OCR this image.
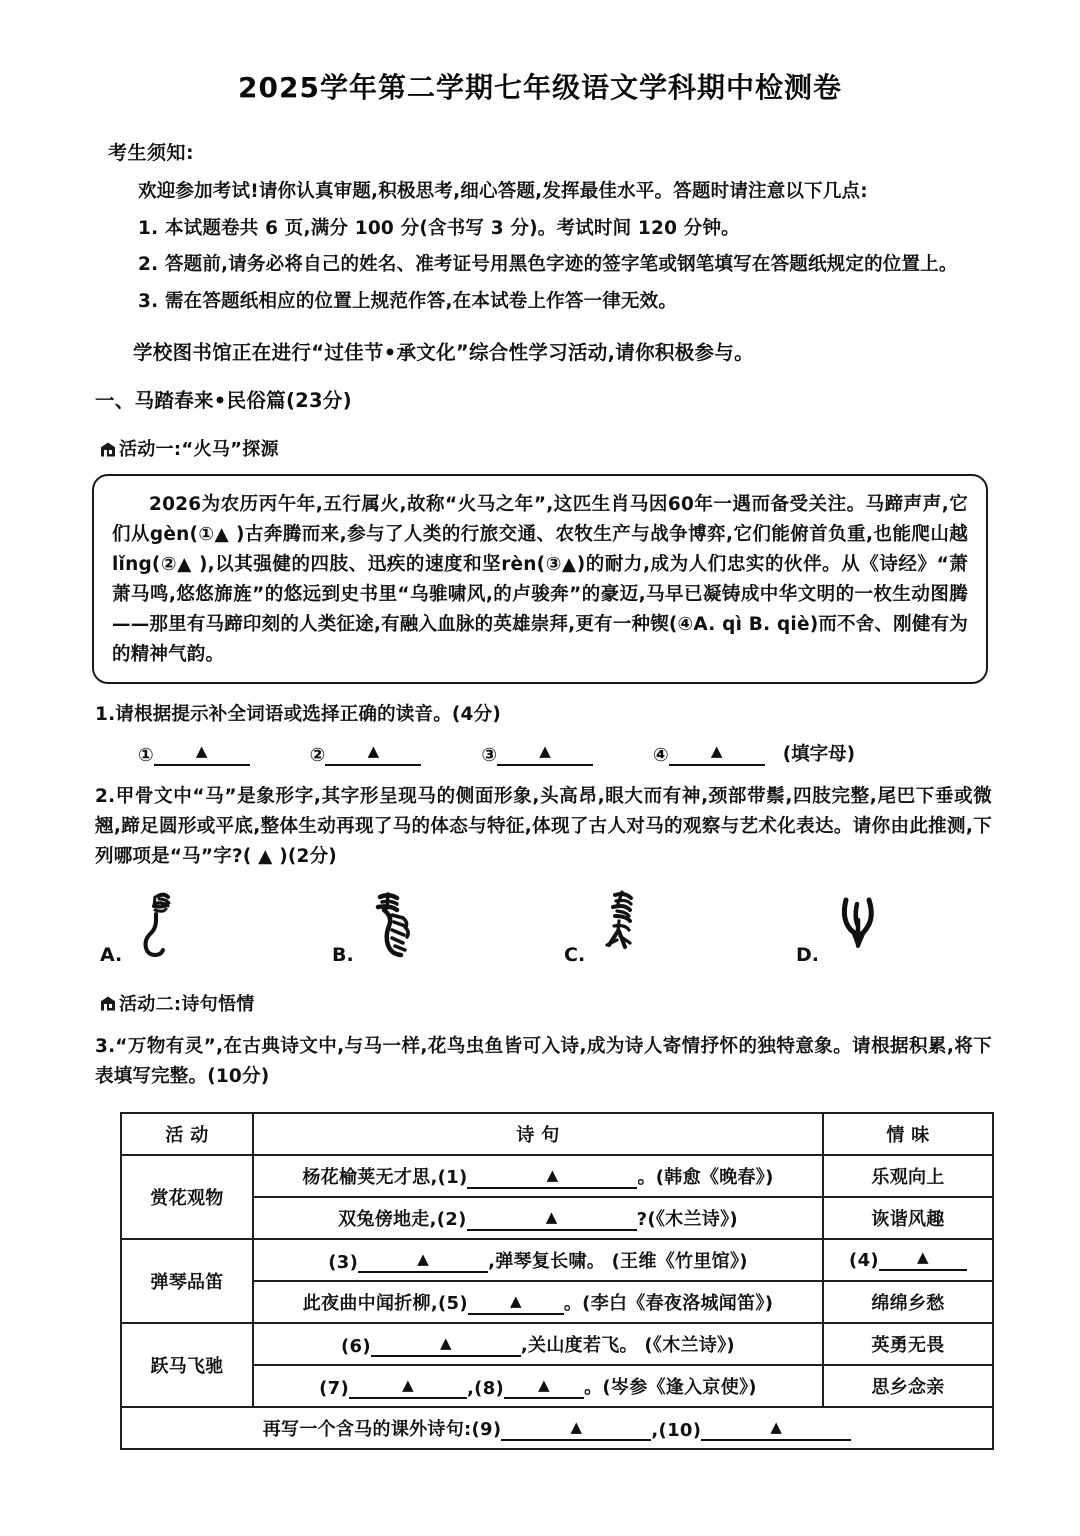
2025学年第二学期七年级语文学科期中检测卷
考生须知:
欢迎参加考试!请你认真审题,积极思考,细心答题,发挥最佳水平。答题时请注意以下几点:
1. 本试题卷共 6 页,满分 100 分(含书写 3 分)。考试时间 120 分钟。
2. 答题前,请务必将自己的姓名、准考证号用黑色字迹的签字笔或钢笔填写在答题纸规定的位置上。
3. 需在答题纸相应的位置上规范作答,在本试卷上作答一律无效。
学校图书馆正在进行“过佳节•承文化”综合性学习活动,请你积极参与。
一、马踏春来•民俗篇(23分)
活动一:“火马”探源

2026为农历丙午年,五行属火,故称“火马之年”,这匹生肖马因60年一遇而备受关注。马蹄声声,它们从gèn(①▲ )古奔腾而来,参与了人类的行旅交通、农牧生产与战争博弈,它们能俯首负重,也能爬山越lǐng(②▲ ),以其强健的四肢、迅疾的速度和坚rèn(③▲)的耐力,成为人们忠实的伙伴。从《诗经》“萧萧马鸣,悠悠旆旌”的悠远到史书里“乌骓啸风,的卢骏奔”的豪迈,马早已凝铸成中华文明的一枚生动图腾——那里有马蹄印刻的人类征途,有融入血脉的英雄崇拜,更有一种锲(④A. qì B. qiè)而不舍、刚健有为的精神气韵。

1.请根据提示补全词语或选择正确的读音。(4分)
①	▲	②	▲	③	▲	④	▲	(填字母)
2.甲骨文中“马”是象形字,其字形呈现马的侧面形象,头高昂,眼大而有神,颈部带鬃,四肢完整,尾巴下垂或微翘,蹄足圆形或平底,整体生动再现了马的体态与特征,体现了古人对马的观察与艺术化表达。请你由此推测,下列哪项是“马”字?( ▲ )(2分)
A.	B.	C.	D.
活动二:诗句悟情
3.“万物有灵”,在古典诗文中,与马一样,花鸟虫鱼皆可入诗,成为诗人寄情抒怀的独特意象。请根据积累,将下表填写完整。(10分)
活 动	诗 句	情 味
赏花观物	杨花榆荚无才思,(1) ▲ 。(韩愈《晚春》)	乐观向上

	双兔傍地走,(2) ▲ ?(《木兰诗》)	诙谐风趣
弹琴品笛	(3) ▲ ,弹琴复长啸。 (王维《竹里馆》)	(4) ▲

	此夜曲中闻折柳,(5) ▲ 。(李白《春夜洛城闻笛》)	绵绵乡愁
跃马飞驰	(6) ▲ ,关山度若飞。 (《木兰诗》)	英勇无畏

	(7) ▲ ,(8) ▲ 。(岑参《逢入京使》)	思乡念亲

再写一个含马的课外诗句:(9) ▲ ,(10) ▲		
